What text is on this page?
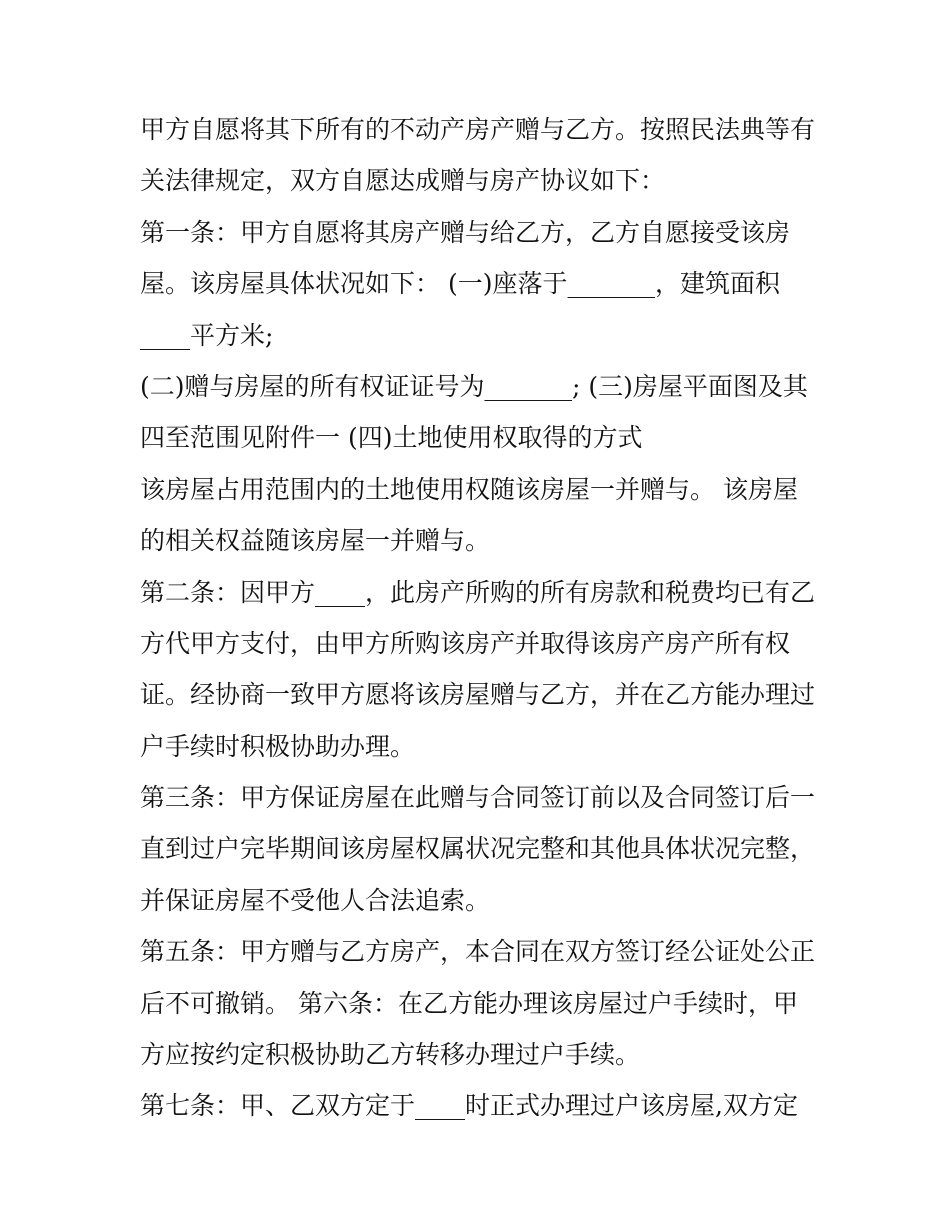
甲方自愿将其下所有的不动产房产赠与乙方。按照民法典等有
关法律规定，双方自愿达成赠与房产协议如下：
第一条：甲方自愿将其房产赠与给乙方，乙方自愿接受该房
屋。该房屋具体状况如下： (一)座落于_______，建筑面积
____平方米;
(二)赠与房屋的所有权证证号为_______; (三)房屋平面图及其
四至范围见附件一 (四)土地使用权取得的方式
该房屋占用范围内的土地使用权随该房屋一并赠与。 该房屋
的相关权益随该房屋一并赠与。
第二条：因甲方____，此房产所购的所有房款和税费均已有乙
方代甲方支付，由甲方所购该房产并取得该房产房产所有权
证。经协商一致甲方愿将该房屋赠与乙方，并在乙方能办理过
户手续时积极协助办理。
第三条：甲方保证房屋在此赠与合同签订前以及合同签订后一
直到过户完毕期间该房屋权属状况完整和其他具体状况完整，
并保证房屋不受他人合法追索。
第五条：甲方赠与乙方房产，本合同在双方签订经公证处公正
后不可撤销。 第六条：在乙方能办理该房屋过户手续时，甲
方应按约定积极协助乙方转移办理过户手续。
第七条：甲、乙双方定于____时正式办理过户该房屋,双方定
